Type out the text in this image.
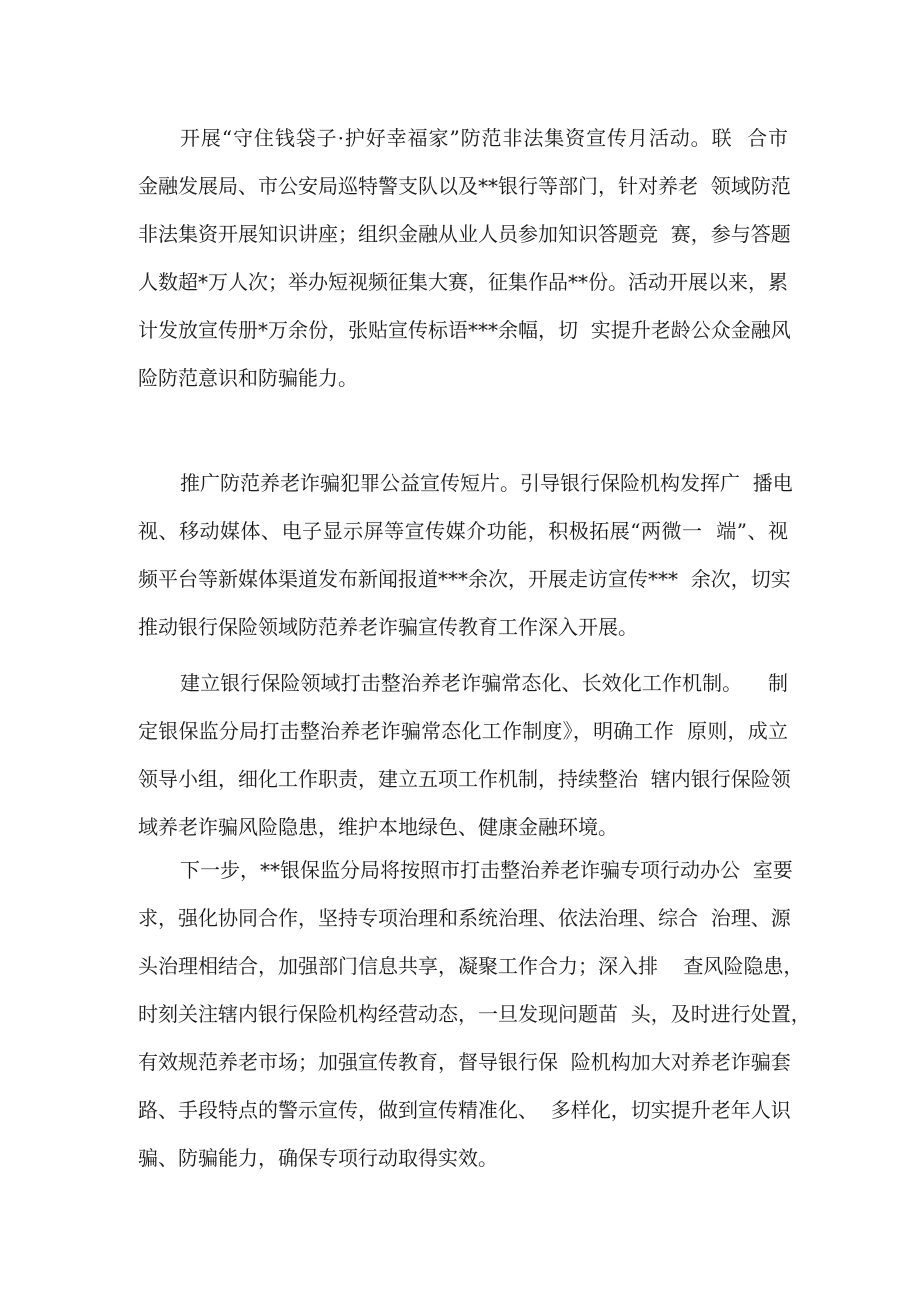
开展“守住钱袋子·护好幸福家”防范非法集资宣传月活动。联  合市
金融发展局、市公安局巡特警支队以及**银行等部门，针对养老  领域防范
非法集资开展知识讲座；组织金融从业人员参加知识答题竞  赛，参与答题
人数超*万人次；举办短视频征集大赛，征集作品**份。活动开展以来，累
计发放宣传册*万余份，张贴宣传标语***余幅，切  实提升老龄公众金融风
险防范意识和防骗能力。
推广防范养老诈骗犯罪公益宣传短片。引导银行保险机构发挥广  播电
视、移动媒体、电子显示屏等宣传媒介功能，积极拓展“两微一  端”、视
频平台等新媒体渠道发布新闻报道***余次，开展走访宣传***  余次，切实
推动银行保险领域防范养老诈骗宣传教育工作深入开展。
建立银行保险领域打击整治养老诈骗常态化、长效化工作机制。    制
定银保监分局打击整治养老诈骗常态化工作制度》，明确工作  原则，成立
领导小组，细化工作职责，建立五项工作机制，持续整治  辖内银行保险领
域养老诈骗风险隐患，维护本地绿色、健康金融环境。
下一步，**银保监分局将按照市打击整治养老诈骗专项行动办公  室要
求，强化协同合作，坚持专项治理和系统治理、依法治理、综合  治理、源
头治理相结合，加强部门信息共享，凝聚工作合力；深入排    查风险隐患，
时刻关注辖内银行保险机构经营动态，一旦发现问题苗  头，及时进行处置，
有效规范养老市场；加强宣传教育，督导银行保  险机构加大对养老诈骗套
路、手段特点的警示宣传，做到宣传精准化、  多样化，切实提升老年人识
骗、防骗能力，确保专项行动取得实效。
